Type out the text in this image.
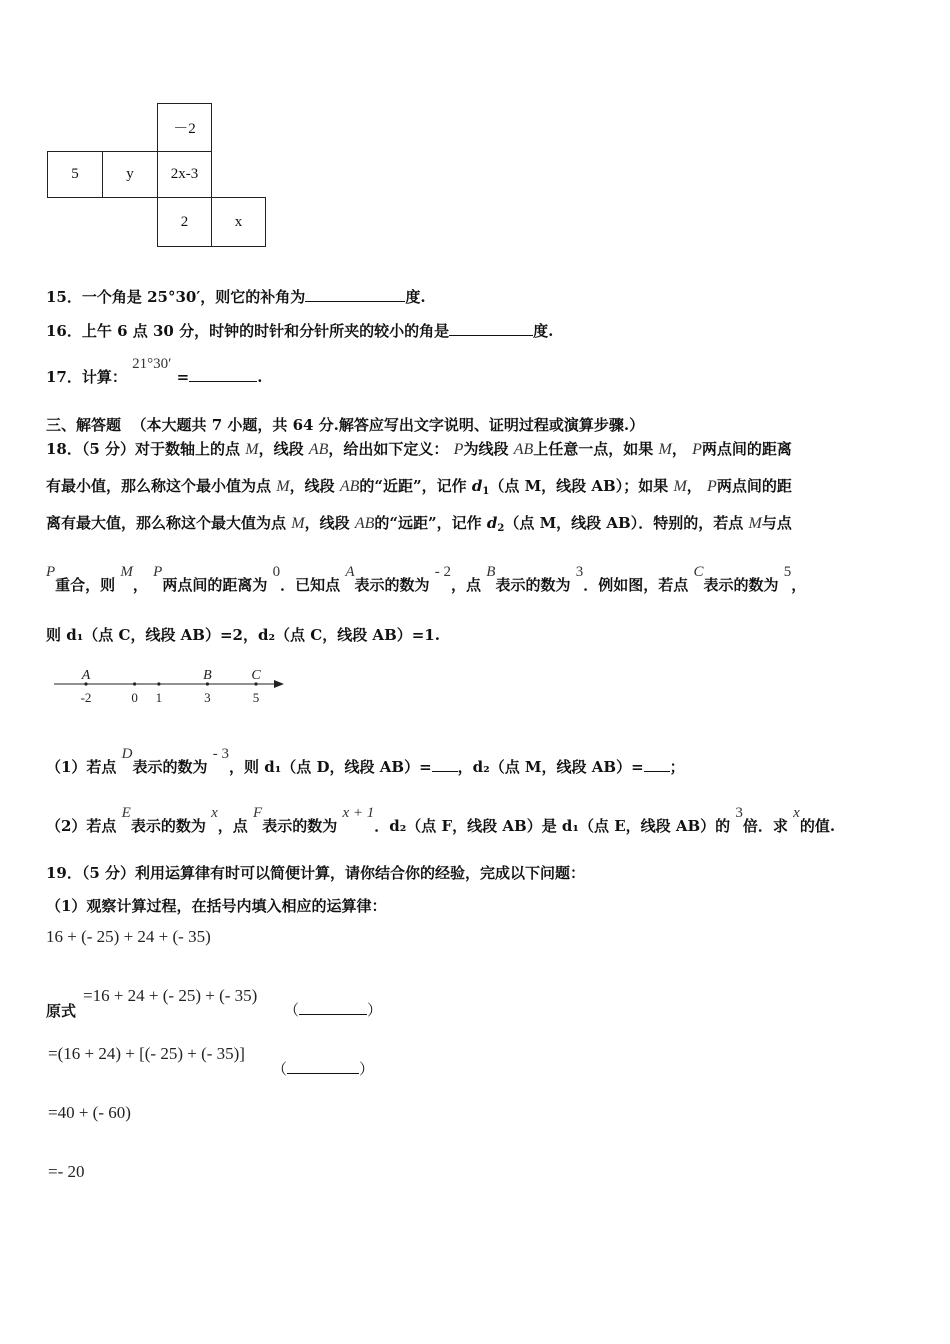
－2
5	y 2x-3
2	x
15．一个角是 25°30′，则它的补角为	度.
16．上午 6 点 30 分，时钟的时针和分针所夹的较小的角是	度.
17．计算： 21°30′ =	.
三、解答题 （本大题共 7 小题，共 64 分.解答应写出文字说明、证明过程或演算步骤.）
18．（5 分）对于数轴上的点 M，线段 AB，给出如下定义： P为线段 AB上任意一点，如果 M， P两点间的距离
有最小值，那么称这个最小值为点 M，线段 AB的“近距”，记作 $d_1$（点 M，线段 AB）；如果 M， P两点间的距
离有最大值，那么称这个最大值为点 M，线段 AB的“远距”，记作 $d_2$（点 M，线段 AB）．特别的，若点 M与点
P重合，则 M， P两点间的距离为 0．已知点 A表示的数为 - 2，点 B表示的数为 3．例如图，若点 C表示的数为 5，
则 d₁（点 C，线段 AB）=2，d₂（点 C，线段 AB）=1.
-2
A
0 1	3
B
5
C
（1）若点 D表示的数为 - 3，则 d₁（点 D，线段 AB）= ，d₂（点 M，线段 AB）= ；
（2）若点 E表示的数为 x，点 F表示的数为 x + 1．d₂（点 F，线段 AB）是 d₁（点 E，线段 AB）的 3倍．求 x的值.
19．（5 分）利用运算律有时可以简便计算，请你结合你的经验，完成以下问题：
（1）观察计算过程，在括号内填入相应的运算律：
16 + (- 25) + 24 + (- 35)
原式
=16 + 24 + (- 25) + (- 35)
（	）
=(16 + 24) + [(- 25) + (- 35)]
（	）
=40 + (- 60)
=- 20
